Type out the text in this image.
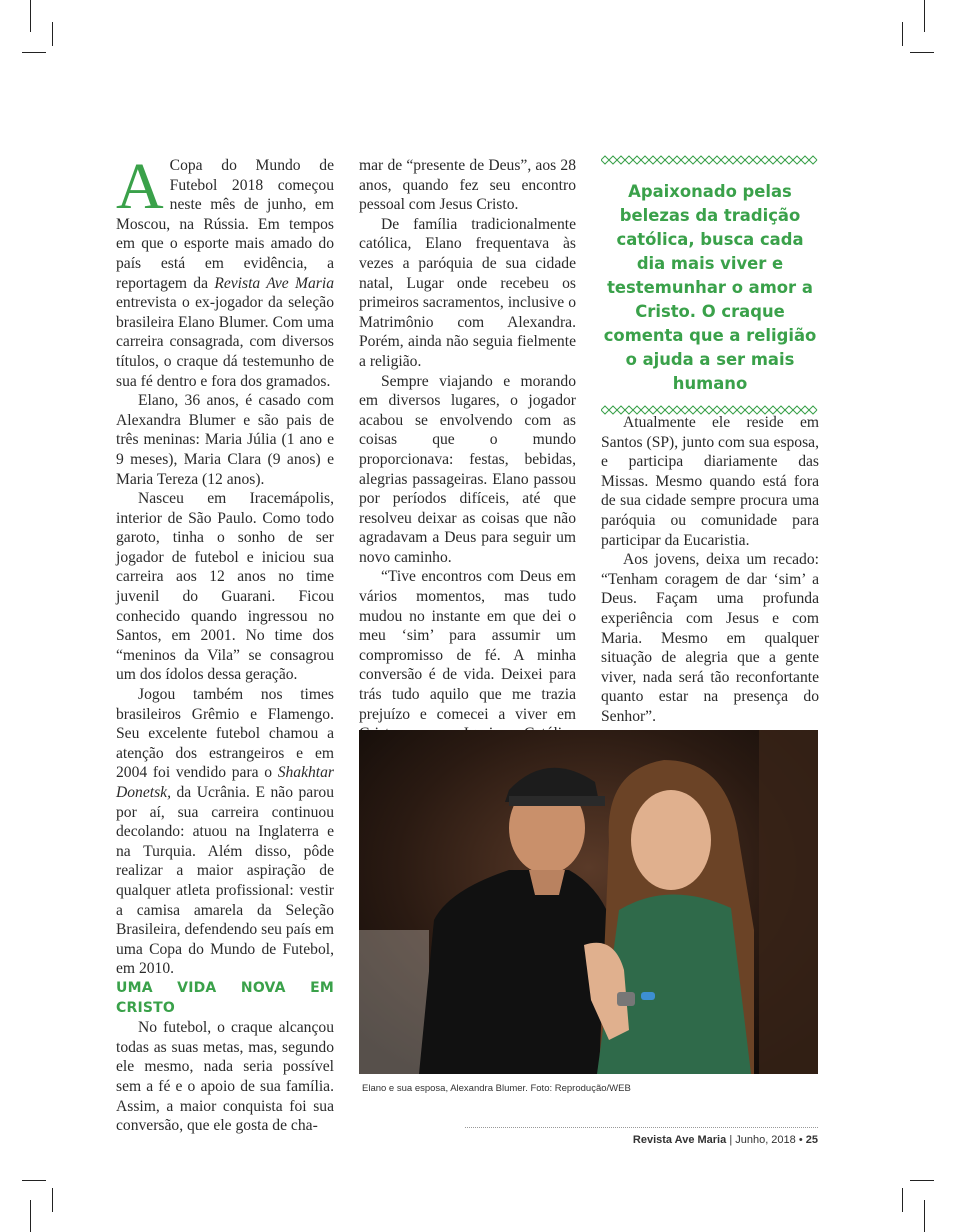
A Copa do Mundo de Futebol 2018 começou neste mês de junho, em Moscou, na Rússia. Em tempos em que o esporte mais amado do país está em evidência, a reportagem da Revista Ave Maria entrevista o ex-jogador da seleção brasileira Elano Blumer. Com uma carreira consagrada, com diversos títulos, o craque dá testemunho de sua fé dentro e fora dos gramados.

Elano, 36 anos, é casado com Alexandra Blumer e são pais de três meninas: Maria Júlia (1 ano e 9 meses), Maria Clara (9 anos) e Maria Tereza (12 anos).

Nasceu em Iracemápolis, interior de São Paulo. Como todo garoto, tinha o sonho de ser jogador de futebol e iniciou sua carreira aos 12 anos no time juvenil do Guarani. Ficou conhecido quando ingressou no Santos, em 2001. No time dos “meninos da Vila” se consagrou um dos ídolos dessa geração.

Jogou também nos times brasileiros Grêmio e Flamengo. Seu excelente futebol chamou a atenção dos estrangeiros e em 2004 foi vendido para o Shakhtar Donetsk, da Ucrânia. E não parou por aí, sua carreira continuou decolando: atuou na Inglaterra e na Turquia. Além disso, pôde realizar a maior aspiração de qualquer atleta profissional: vestir a camisa amarela da Seleção Brasileira, defendendo seu país em uma Copa do Mundo de Futebol, em 2010.

UMA VIDA NOVA EM CRISTO

No futebol, o craque alcançou todas as suas metas, mas, segundo ele mesmo, nada seria possível sem a fé e o apoio de sua família. Assim, a maior conquista foi sua conversão, que ele gosta de cha-

mar de “presente de Deus”, aos 28 anos, quando fez seu encontro pessoal com Jesus Cristo.

De família tradicionalmente católica, Elano frequentava às vezes a paróquia de sua cidade natal, Lugar onde recebeu os primeiros sacramentos, inclusive o Matrimônio com Alexandra. Porém, ainda não seguia fielmente a religião.

Sempre viajando e morando em diversos lugares, o jogador acabou se envolvendo com as coisas que o mundo proporcionava: festas, bebidas, alegrias passageiras. Elano passou por períodos difíceis, até que resolveu deixar as coisas que não agradavam a Deus para seguir um novo caminho.

“Tive encontros com Deus em vários momentos, mas tudo mudou no instante em que dei o meu ‘sim’ para assumir um compromisso de fé. A minha conversão é de vida. Deixei para trás tudo aquilo que me trazia prejuízo e comecei a viver em

Apaixonado pelas belezas da tradição católica, busca cada dia mais viver e testemunhar o amor a Cristo. O craque comenta que a religião o ajuda a ser mais humano

Atualmente ele reside em Santos (SP), junto com sua esposa, e participa diariamente das Missas. Mesmo quando está fora de sua cidade sempre procura uma paróquia ou comunidade para participar da Eucaristia.

Aos jovens, deixa um recado: “Tenham coragem de dar ‘sim’ a Deus. Façam uma profunda experiência com Jesus e com Maria. Mesmo em qualquer situação de alegria que a gente viver, nada será tão reconfortante quanto estar na presença do Senhor”.

Elano e sua esposa, Alexandra Blumer. Foto: Reprodução/WEB
Revista Ave Maria | Junho, 2018 • 25
